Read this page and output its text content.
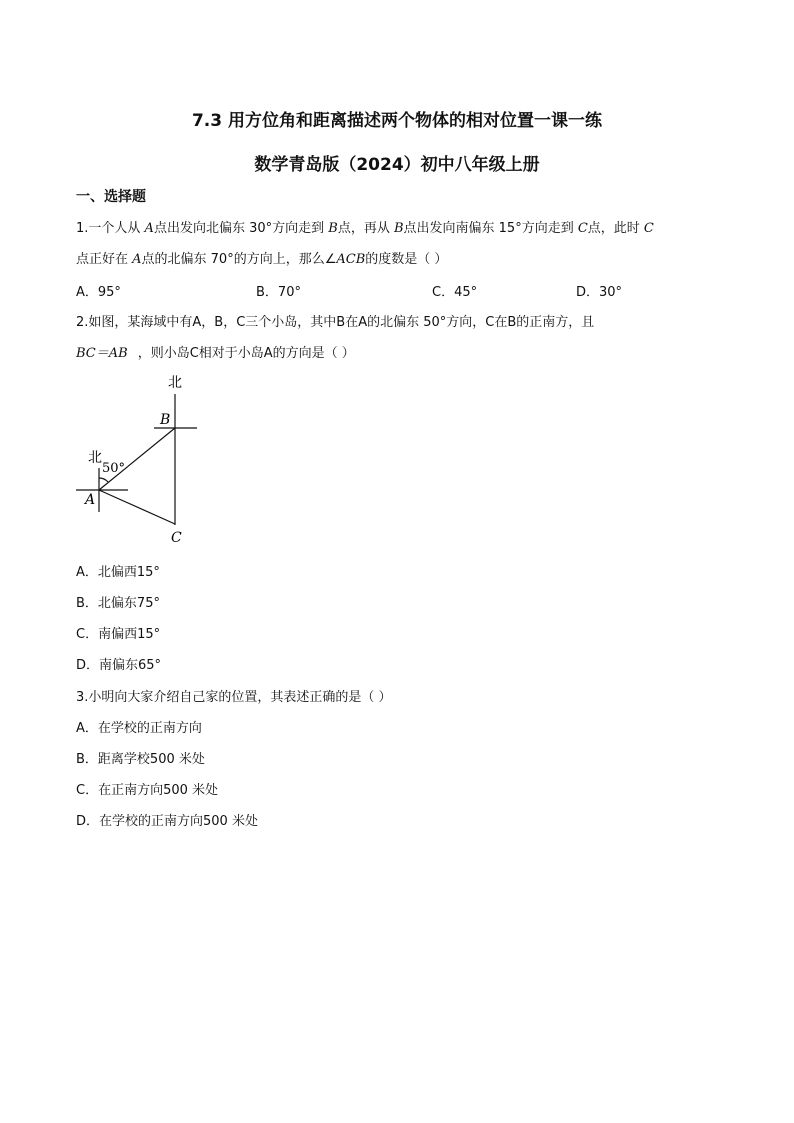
7.3 用方位角和距离描述两个物体的相对位置一课一练
数学青岛版（2024）初中八年级上册
一、选择题
1.一个人从 A点出发向北偏东 30°方向走到 B点，再从 B点出发向南偏东 15°方向走到 C点，此时 C
点正好在 A点的北偏东 70°的方向上，那么∠ACB的度数是（ ）
A．95°	B．70°	C．45°	D．30°
2.如图，某海域中有A，B，C三个小岛，其中B在A的北偏东 50°方向，C在B的正南方，且
BC＝AB ，则小岛C相对于小岛A的方向是（ ）
北
北
50°
A
B
C
A．北偏西15°
B．北偏东75°
C．南偏西15°
D．南偏东65°
3.小明向大家介绍自己家的位置，其表述正确的是（ ）
A．在学校的正南方向
B．距离学校500 米处
C．在正南方向500 米处
D．在学校的正南方向500 米处
